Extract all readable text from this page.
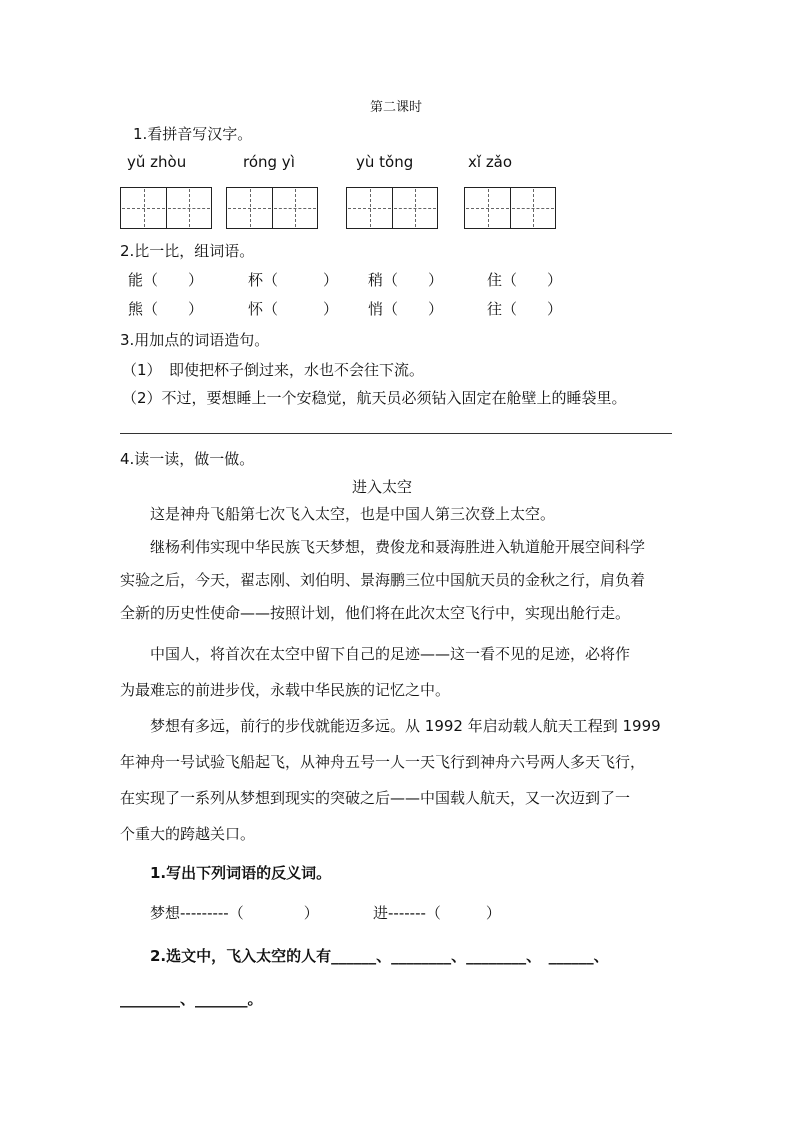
第二课时
1.看拼音写汉字。
yǔ zhòu	róng yì	yù tǒng	xǐ zǎo
2.比一比，组词语。
能（　　）	杯（　　　） 稍（　　）	住（　　）
熊（　　）	怀（　　　） 悄（　　）	往（　　）
3.用加点的词语造句。
（1）　即使把杯子倒过来，水也不会往下流。
（2）不过，要想睡上一个安稳觉，航天员必须钻入固定在舱壁上的睡袋里。
4.读一读，做一做。
进入太空
这是神舟飞船第七次飞入太空，也是中国人第三次登上太空。
继杨利伟实现中华民族飞天梦想，费俊龙和聂海胜进入轨道舱开展空间科学
实验之后，今天，翟志刚、刘伯明、景海鹏三位中国航天员的金秋之行，肩负着
全新的历史性使命——按照计划，他们将在此次太空飞行中，实现出舱行走。
中国人，将首次在太空中留下自己的足迹——这一看不见的足迹，必将作
为最难忘的前进步伐，永载中华民族的记忆之中。
梦想有多远，前行的步伐就能迈多远。从 1992 年启动载人航天工程到 1999
年神舟一号试验飞船起飞，从神舟五号一人一天飞行到神舟六号两人多天飞行，
在实现了一系列从梦想到现实的突破之后——中国载人航天，又一次迈到了一
个重大的跨越关口。
1.写出下列词语的反义词。
梦想---------（　　　　）	进-------（　　　）
2.选文中，飞入太空的人有______、________、________、　______、
________、_______。
